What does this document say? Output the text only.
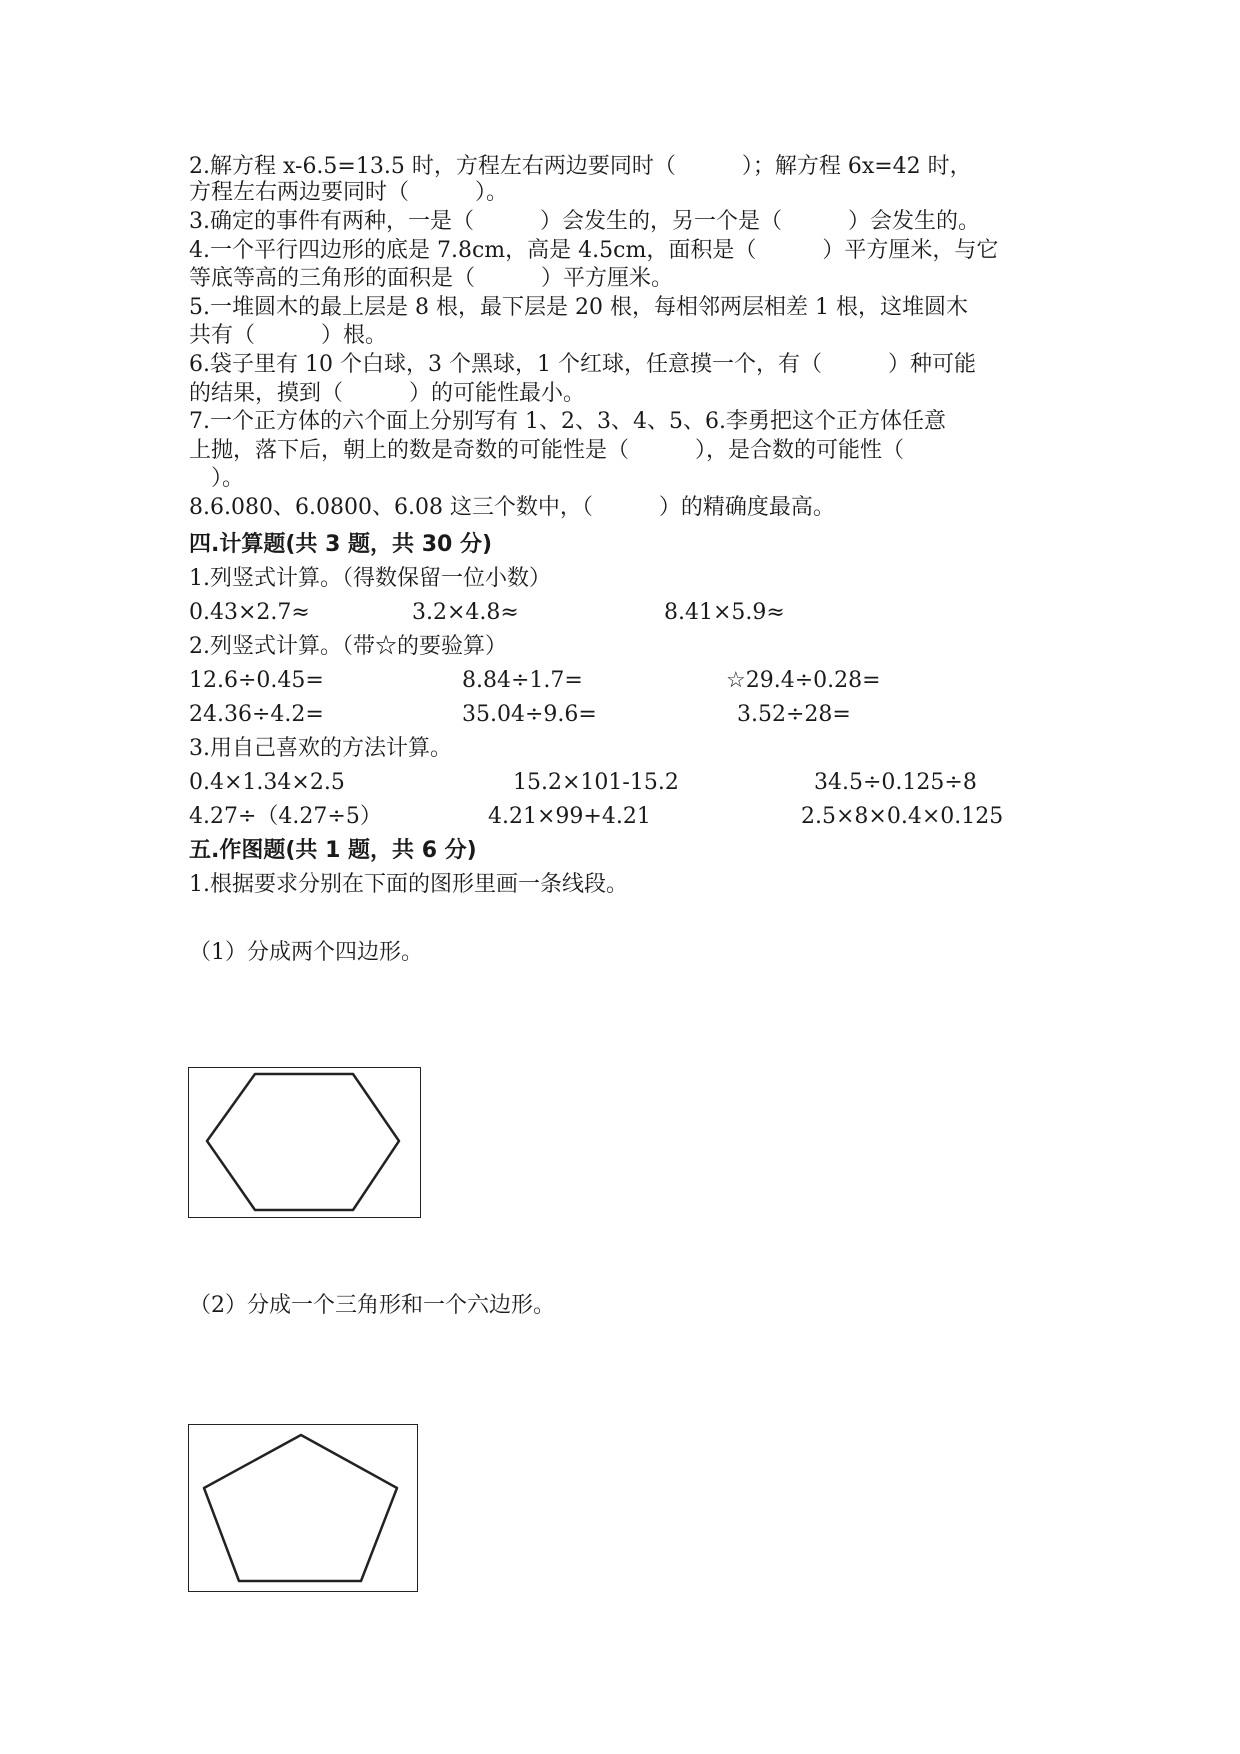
2.解方程 x-6.5=13.5 时，方程左右两边要同时（　　　）；解方程 6x=42 时，
方程左右两边要同时（　　　）。
3.确定的事件有两种，一是（　　　）会发生的，另一个是（　　　）会发生的。
4.一个平行四边形的底是 7.8cm，高是 4.5cm，面积是（　　　）平方厘米，与它
等底等高的三角形的面积是（　　　）平方厘米。
5.一堆圆木的最上层是 8 根，最下层是 20 根，每相邻两层相差 1 根，这堆圆木
共有（　　　）根。
6.袋子里有 10 个白球，3 个黑球，1 个红球，任意摸一个，有（　　　）种可能
的结果，摸到（　　　）的可能性最小。
7.一个正方体的六个面上分别写有 1、2、3、4、5、6.李勇把这个正方体任意
上抛，落下后，朝上的数是奇数的可能性是（　　　），是合数的可能性（
　）。
8.6.080、6.0800、6.08 这三个数中，（　　　）的精确度最高。
四.计算题(共 3 题，共 30 分)
1.列竖式计算。（得数保留一位小数）
0.43×2.7≈	3.2×4.8≈	8.41×5.9≈
2.列竖式计算。（带☆的要验算）
12.6÷0.45=	8.84÷1.7=	☆29.4÷0.28=
24.36÷4.2=	35.04÷9.6=	3.52÷28=
3.用自己喜欢的方法计算。
0.4×1.34×2.5	15.2×101-15.2	34.5÷0.125÷8
4.27÷（4.27÷5）	4.21×99+4.21	2.5×8×0.4×0.125
五.作图题(共 1 题，共 6 分)
1.根据要求分别在下面的图形里画一条线段。
（1）分成两个四边形。
（2）分成一个三角形和一个六边形。
